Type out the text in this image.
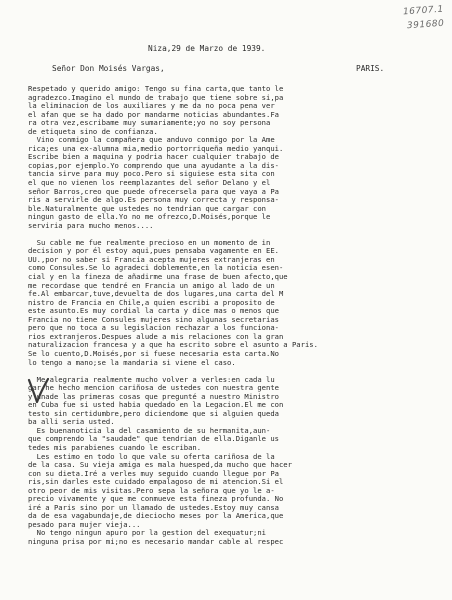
16707.1
391680
Niza,29 de Marzo de 1939.
Señor Don Moisés Vargas,	PARIS.
Respetado y querido amigo: Tengo su fina carta,que tanto le
agradezco.Imagino el mundo de trabajo que tiene sobre si,pa
la eliminacion de los auxiliares y me da no poca pena ver
el afan que se ha dado por mandarme noticias abundantes.Fa
ra otra vez,escribame muy sumariamente;yo no soy persona
de etiqueta sino de confianza.
Vino conmigo la compañera que anduvo conmigo por la Ame
rica;es una ex-alumna mia,medio portorriqueña medio yanqui.
Escribe bien a maquina y podria hacer cualquier trabajo de
copias,por ejemplo.Yo comprendo que una ayudante a la dis-
tancia sirve para muy poco.Pero si siguiese esta sita con
el que no vienen los reemplazantes del señor Delano y el
señor Barros,creo que puede ofrecersela para que vaya a Pa
ris a servirle de algo.Es persona muy correcta y responsa-
ble.Naturalmente que ustedes no tendrian que cargar con
ningun gasto de ella.Yo no me ofrezco,D.Moisés,porque le
serviria para mucho menos....
Su cable me fue realmente precioso en un momento de in
decision y por él estoy aqui,pues pensaba vagamente en EE.
UU.,por no saber si Francia acepta mujeres extranjeras en
como Consules.Se lo agradeci doblemente,en la noticia esen-
cial y en la fineza de añadirme una frase de buen afecto,que
me recordase que tendré en Francia un amigo al lado de un
fe.Al embarcar,tuve,devuelta de dos lugares,una carta del M
nistro de Francia en Chile,a quien escribi a proposito de
este asunto.Es muy cordial la carta y dice mas o menos que
Francia no tiene Consules mujeres sino algunas secretarias
pero que no toca a su legislacion rechazar a los funciona-
rios extranjeros.Despues alude a mis relaciones con la gran
naturalizacion francesa y a que ha escrito sobre el asunto a Paris.
Se lo cuento,D.Moisés,por si fuese necesaria esta carta.No
lo tengo a mano;se la mandaria si viene el caso.
Me alegraria realmente mucho volver a verles:en cada lu
gar he hecho mencion cariñosa de ustedes con nuestra gente
y unade las primeras cosas que pregunté a nuestro Ministro
en Cuba fue si usted habia quedado en la Legacion.El me con
testo sin certidumbre,pero diciendome que si alguien queda
ba alli seria usted.
Es buenanoticia la del casamiento de su hermanita,aun-
que comprendo la "saudade" que tendrian de ella.Diganle us
tedes mis parabienes cuando le escriban.
Les estimo en todo lo que vale su oferta cariñosa de la
de la casa. Su vieja amiga es mala huesped,da mucho que hacer
con su dieta.Iré a verles muy seguido cuando llegue por Pa
ris,sin darles este cuidado empalagoso de mi atencion.Si el
otro peor de mis visitas.Pero sepa la señora que yo le a-
precio vivamente y que me conmueve esta fineza profunda. No
iré a Paris sino por un llamado de ustedes.Estoy muy cansa
da de esa vagabundaje,de dieciocho meses por la America,que
pesado para mujer vieja...
No tengo ningun apuro por la gestion del exequatur;ni
ninguna prisa por mi;no es necesario mandar cable al respec
